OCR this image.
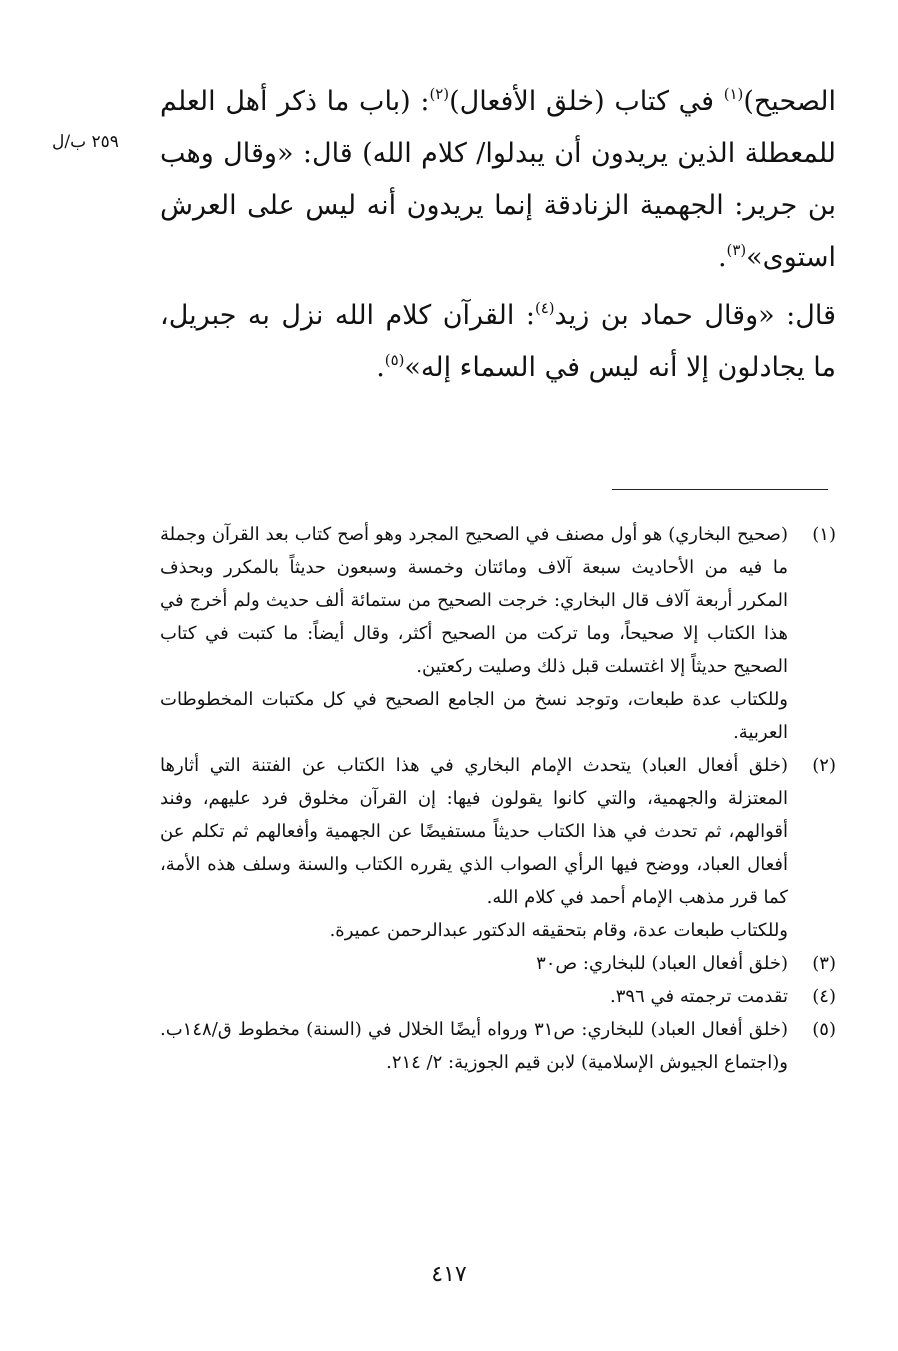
٢٥٩ ب/ل

الصحيح)$^{(١)}$ في كتاب (خلق الأفعال)$^{(٢)}$: (باب ما ذكر أهل العلم للمعطلة الذين يريدون أن يبدلوا/ كلام الله) قال: «وقال وهب بن جرير: الجهمية الزنادقة إنما يريدون أنه ليس على العرش استوى»$^{(٣)}$.

قال: «وقال حماد بن زيد$^{(٤)}$: القرآن كلام الله نزل به جبريل، ما يجادلون إلا أنه ليس في السماء إله»$^{(٥)}$.

(١)

(صحيح البخاري) هو أول مصنف في الصحيح المجرد وهو أصح كتاب بعد القرآن وجملة ما فيه من الأحاديث سبعة آلاف ومائتان وخمسة وسبعون حديثاً بالمكرر وبحذف المكرر أربعة آلاف قال البخاري: خرجت الصحيح من ستمائة ألف حديث ولم أخرج في هذا الكتاب إلا صحيحاً، وما تركت من الصحيح أكثر، وقال أيضاً: ما كتبت في كتاب الصحيح حديثاً إلا اغتسلت قبل ذلك وصليت ركعتين.

وللكتاب عدة طبعات، وتوجد نسخ من الجامع الصحيح في كل مكتبات المخطوطات العربية.

(٢)

(خلق أفعال العباد) يتحدث الإمام البخاري في هذا الكتاب عن الفتنة التي أثارها المعتزلة والجهمية، والتي كانوا يقولون فيها: إن القرآن مخلوق فرد عليهم، وفند أقوالهم، ثم تحدث في هذا الكتاب حديثاً مستفيضًا عن الجهمية وأفعالهم ثم تكلم عن أفعال العباد، ووضح فيها الرأي الصواب الذي يقرره الكتاب والسنة وسلف هذه الأمة، كما قرر مذهب الإمام أحمد في كلام الله.

وللكتاب طبعات عدة، وقام بتحقيقه الدكتور عبدالرحمن عميرة.

(٣)

(خلق أفعال العباد) للبخاري: ص٣٠

(٤)

تقدمت ترجمته في ٣٩٦.

(٥)

(خلق أفعال العباد) للبخاري: ص٣١ ورواه أيضًا الخلال في (السنة) مخطوط ق/١٤٨ب. و(اجتماع الجيوش الإسلامية) لابن قيم الجوزية: ٢/ ٢١٤.

٤١٧
